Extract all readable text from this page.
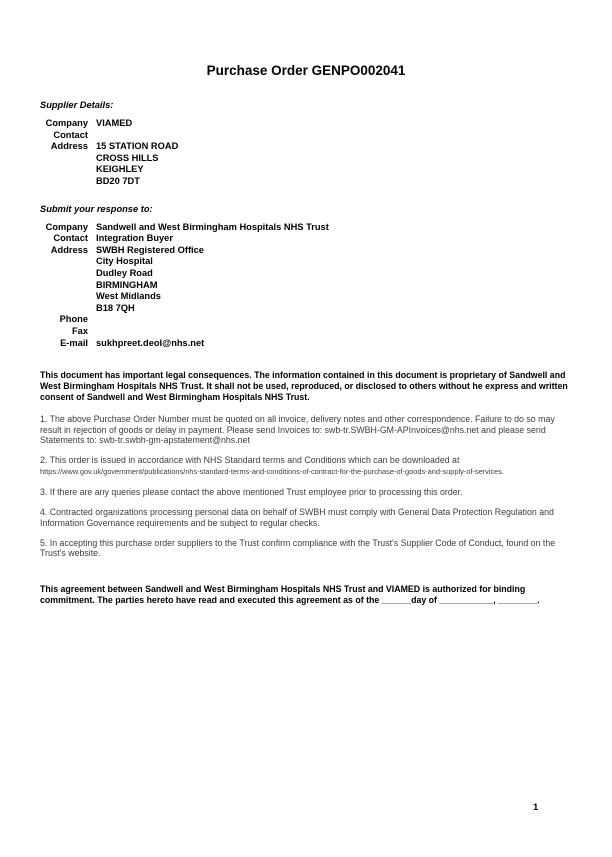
Purchase Order GENPO002041
Supplier Details:
Company VIAMED
Contact
Address 15 STATION ROAD
CROSS HILLS
KEIGHLEY
BD20 7DT
Submit your response to:
Company Sandwell and West Birmingham Hospitals NHS Trust
Contact Integration Buyer
Address SWBH Registered Office
City Hospital
Dudley Road
BIRMINGHAM
West Midlands
B18 7QH
Phone
Fax
E-mail sukhpreet.deol@nhs.net

This document has important legal consequences. The information contained in this document is proprietary of Sandwell and West Birmingham Hospitals NHS Trust. It shall not be used, reproduced, or disclosed to others without he express and written consent of Sandwell and West Birmingham Hospitals NHS Trust.

1. The above Purchase Order Number must be quoted on all invoice, delivery notes and other correspondence. Failure to do so may result in rejection of goods or delay in payment. Please send Invoices to: swb-tr.SWBH-GM-APInvoices@nhs.net and please send Statements to: swb-tr.swbh-gm-apstatement@nhs.net

2. This order is issued in accordance with NHS Standard terms and Conditions which can be downloaded at https://www.gov.uk/government/publications/nhs-standard-terms-and-conditions-of-contract-for-the-purchase-of-goods-and-supply-of-services.

3. If there are any queries please contact the above mentioned Trust employee prior to processing this order.

4. Contracted organizations processing personal data on behalf of SWBH must comply with General Data Protection Regulation and Information Governance requirements and be subject to regular checks.

5. In accepting this purchase order suppliers to the Trust confirm compliance with the Trust's Supplier Code of Conduct, found on the Trust's website.

This agreement between Sandwell and West Birmingham Hospitals NHS Trust and VIAMED is authorized for binding commitment. The parties hereto have read and executed this agreement as of the ______day of ___________, ________.

1
